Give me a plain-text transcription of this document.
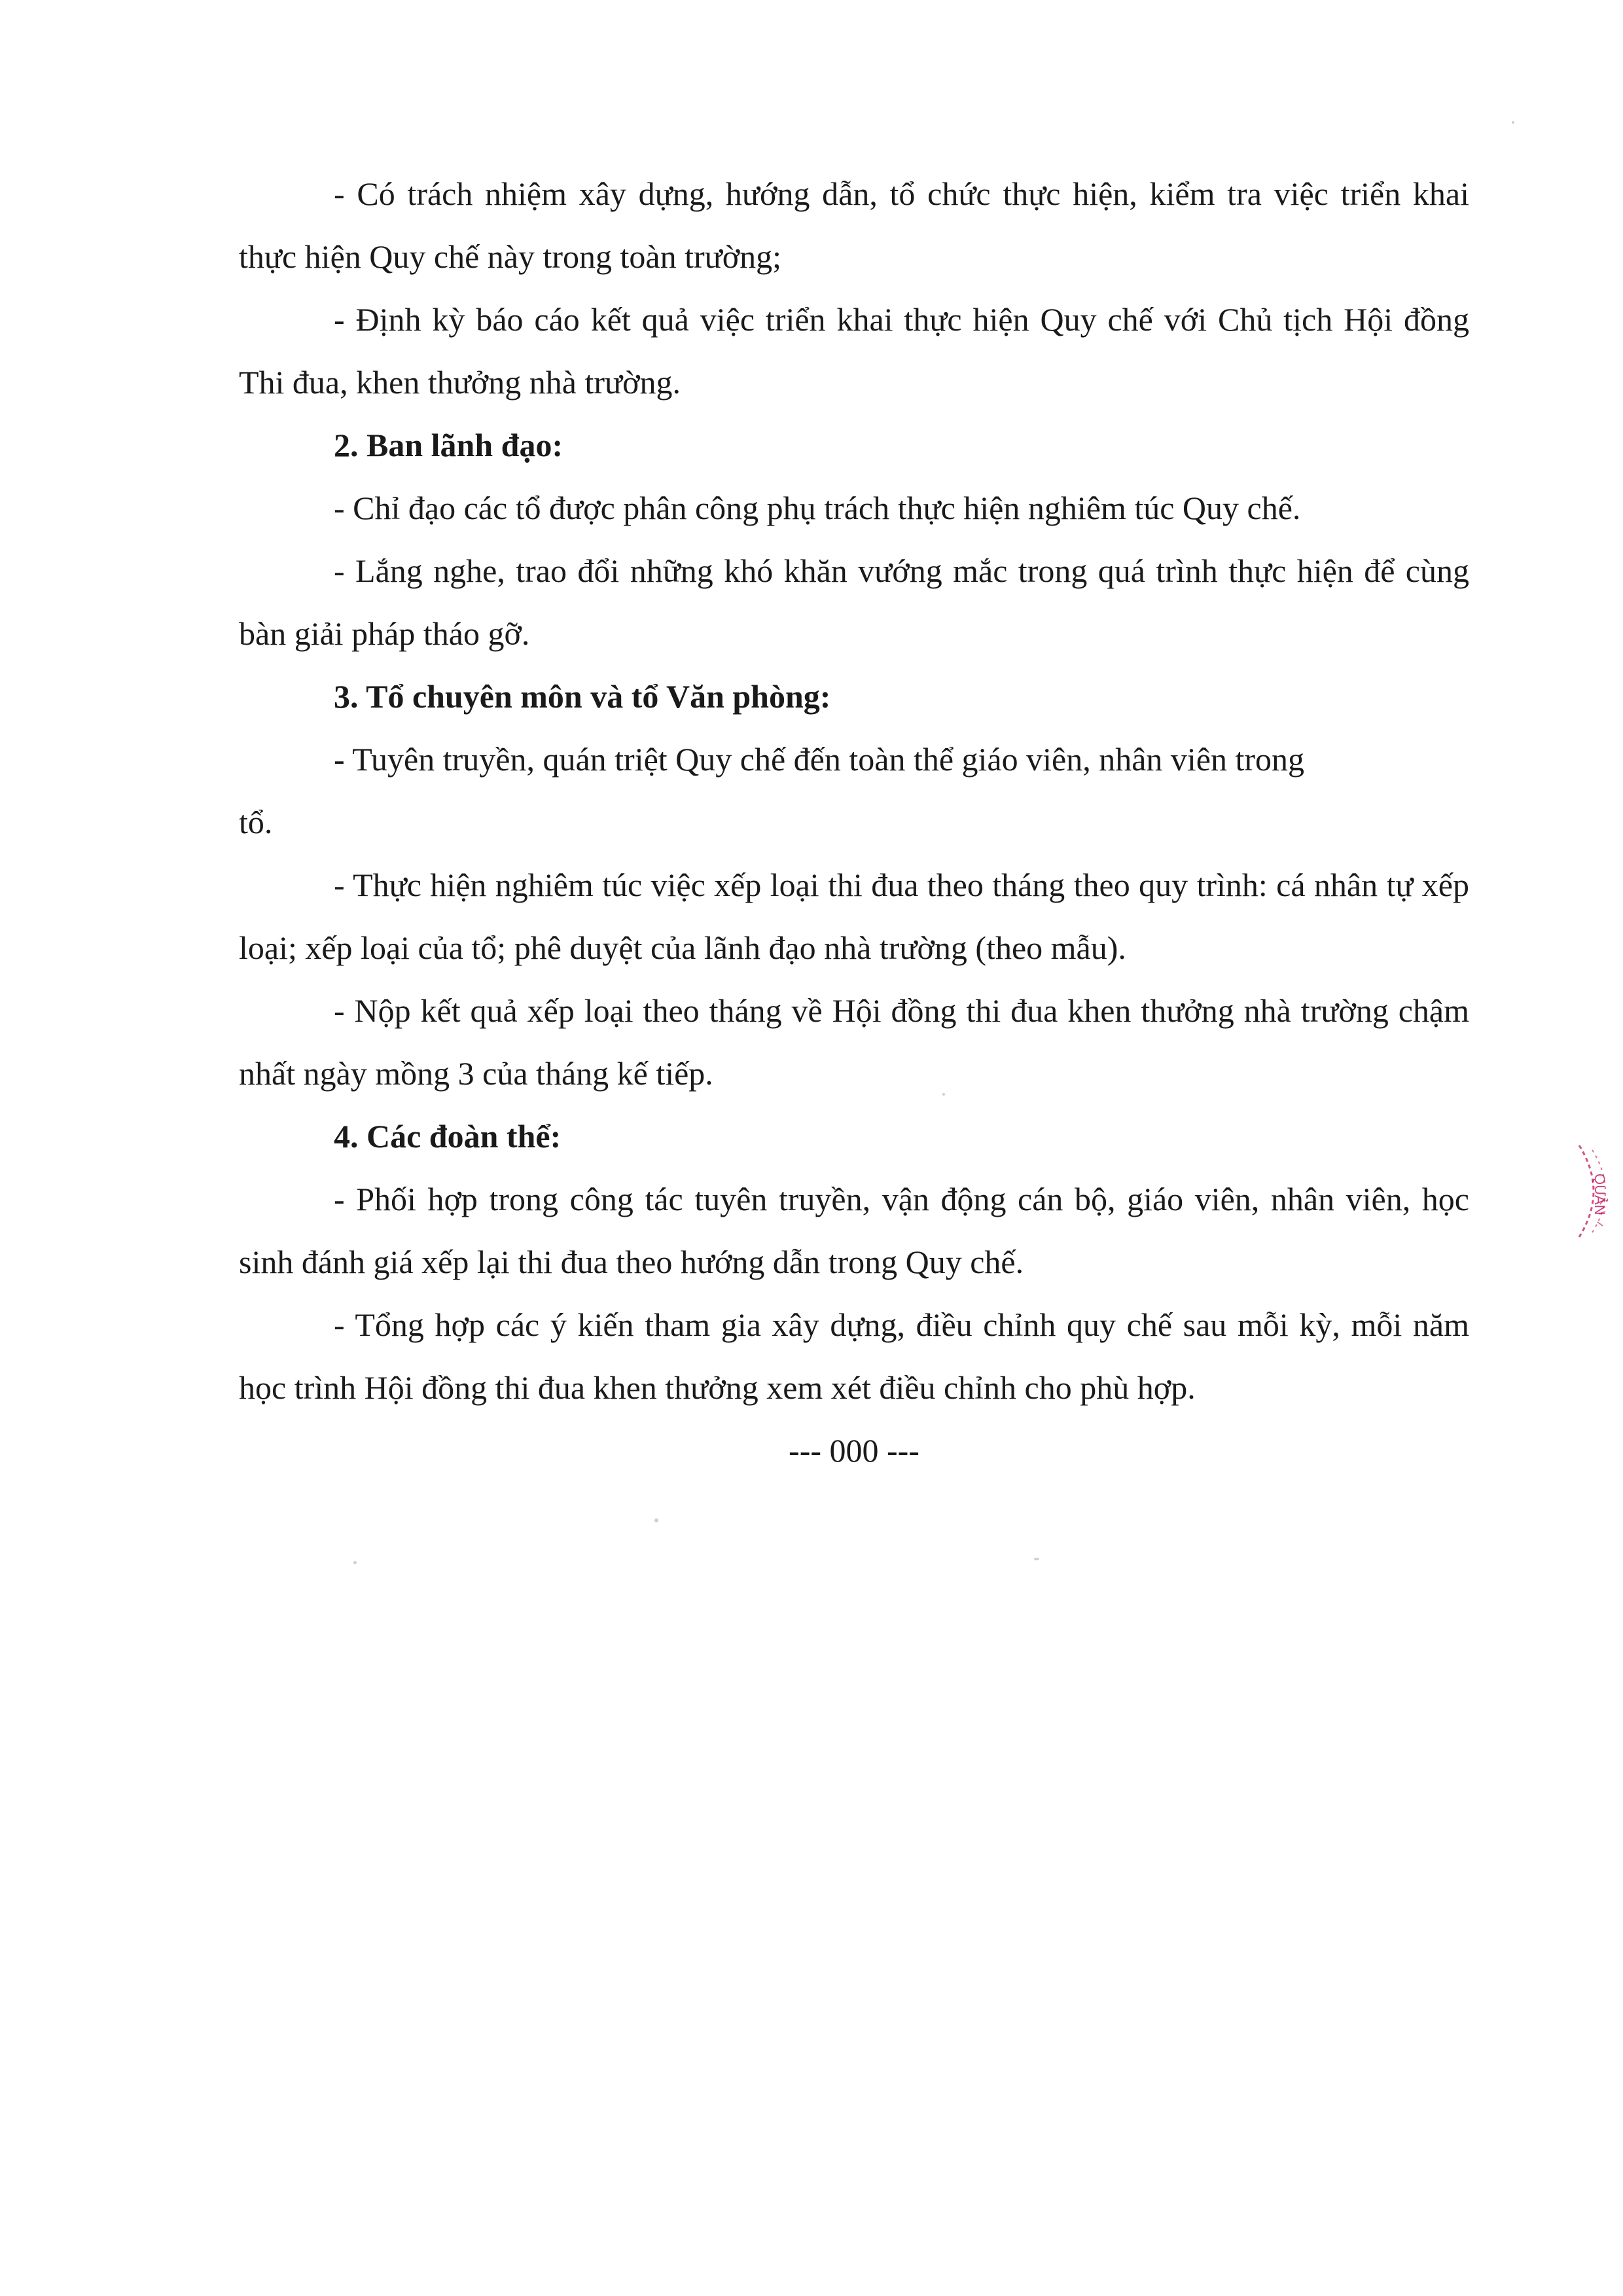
- Có trách nhiệm xây dựng, hướng dẫn, tổ chức thực hiện, kiểm tra việc triển khai thực hiện Quy chế này trong toàn trường;

- Định kỳ báo cáo kết quả việc triển khai thực hiện Quy chế với Chủ tịch Hội đồng Thi đua, khen thưởng nhà trường.

2. Ban lãnh đạo:

- Chỉ đạo các tổ được phân công phụ trách thực hiện nghiêm túc Quy chế.

- Lắng nghe, trao đổi những khó khăn vướng mắc trong quá trình thực hiện để cùng bàn giải pháp tháo gỡ.

3. Tổ chuyên môn và tổ Văn phòng:

- Tuyên truyền, quán triệt Quy chế đến toàn thể giáo viên, nhân viên trong

tổ.

- Thực hiện nghiêm túc việc xếp loại thi đua theo tháng theo quy trình: cá nhân tự xếp loại; xếp loại của tổ; phê duyệt của lãnh đạo nhà trường (theo mẫu).

- Nộp kết quả xếp loại theo tháng về Hội đồng thi đua khen thưởng nhà trường chậm nhất ngày mồng 3 của tháng kế tiếp.

4. Các đoàn thể:

- Phối hợp trong công tác tuyên truyền, vận động cán bộ, giáo viên, nhân viên, học sinh đánh giá xếp lại thi đua theo hướng dẫn trong Quy chế.

- Tổng hợp các ý kiến tham gia xây dựng, điều chỉnh quy chế sau mỗi kỳ, mỗi năm học trình Hội đồng thi đua khen thưởng xem xét điều chỉnh cho phù hợp.

--- 000 ---

QUẢN
